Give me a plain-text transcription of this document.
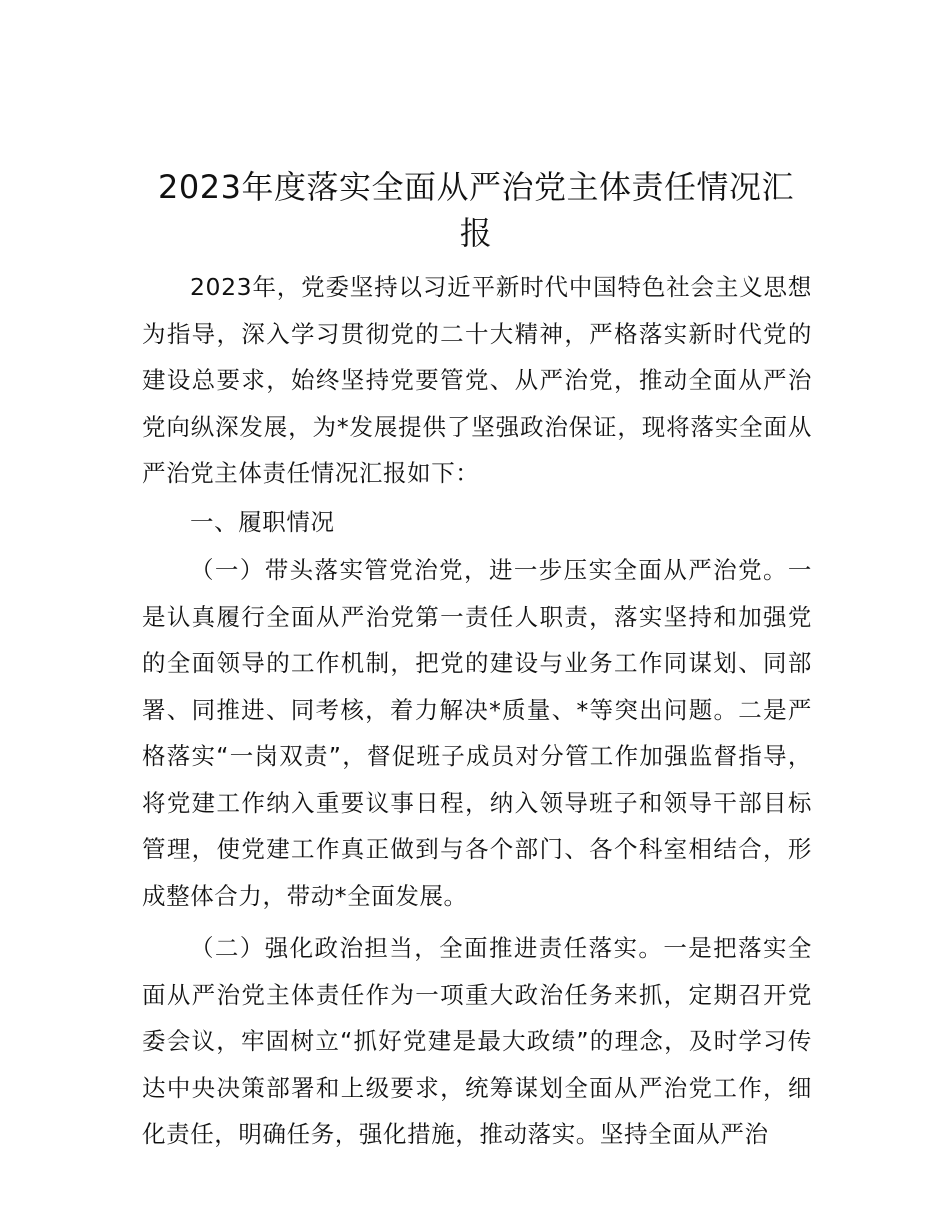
2023年度落实全面从严治党主体责任情况汇报

2023年，党委坚持以习近平新时代中国特色社会主义思想为指导，深入学习贯彻党的二十大精神，严格落实新时代党的建设总要求，始终坚持党要管党、从严治党，推动全面从严治党向纵深发展，为*发展提供了坚强政治保证，现将落实全面从严治党主体责任情况汇报如下：

一、履职情况

（一）带头落实管党治党，进一步压实全面从严治党。一是认真履行全面从严治党第一责任人职责，落实坚持和加强党的全面领导的工作机制，把党的建设与业务工作同谋划、同部署、同推进、同考核，着力解决*质量、*等突出问题。二是严格落实“一岗双责”，督促班子成员对分管工作加强监督指导，将党建工作纳入重要议事日程，纳入领导班子和领导干部目标管理，使党建工作真正做到与各个部门、各个科室相结合，形成整体合力，带动*全面发展。

（二）强化政治担当，全面推进责任落实。一是把落实全面从严治党主体责任作为一项重大政治任务来抓，定期召开党委会议，牢固树立“抓好党建是最大政绩”的理念，及时学习传达中央决策部署和上级要求，统筹谋划全面从严治党工作，细化责任，明确任务，强化措施，推动落实。坚持全面从严治
